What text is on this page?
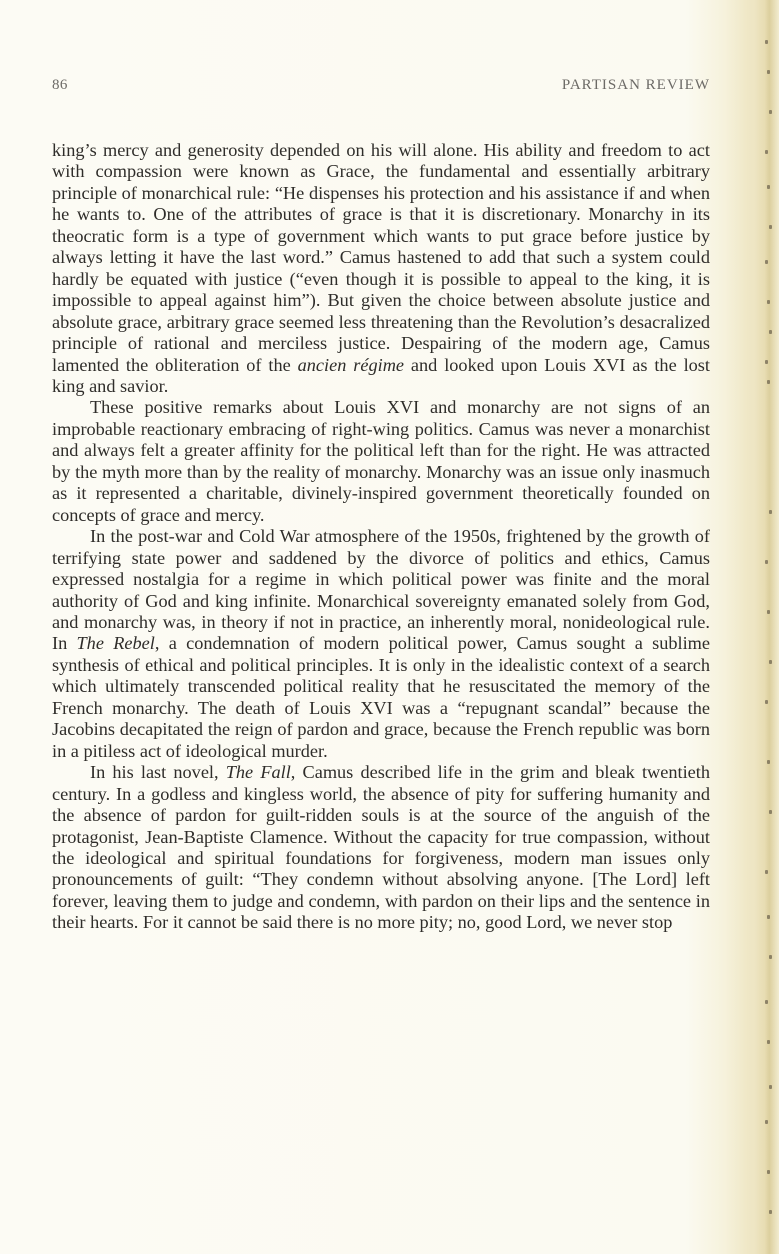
86	PARTISAN REVIEW

king’s mercy and generosity depended on his will alone. His ability and freedom to act with compassion were known as Grace, the fundamental and essentially arbitrary principle of monarchical rule: “He dispenses his protection and his assistance if and when he wants to. One of the attributes of grace is that it is discretionary. Monarchy in its theocratic form is a type of government which wants to put grace before justice by always letting it have the last word.” Camus hastened to add that such a system could hardly be equated with justice (“even though it is possible to appeal to the king, it is impossible to appeal against him”). But given the choice between absolute justice and absolute grace, arbitrary grace seemed less threatening than the Revolution’s desacralized principle of rational and merciless justice. Despairing of the modern age, Camus lamented the obliteration of the ancien régime and looked upon Louis XVI as the lost king and savior.

These positive remarks about Louis XVI and monarchy are not signs of an improbable reactionary embracing of right-wing politics. Camus was never a monarchist and always felt a greater affinity for the political left than for the right. He was attracted by the myth more than by the reality of monarchy. Monarchy was an issue only inasmuch as it represented a charitable, divinely-inspired government theoretically founded on concepts of grace and mercy.

In the post-war and Cold War atmosphere of the 1950s, frightened by the growth of terrifying state power and saddened by the divorce of politics and ethics, Camus expressed nostalgia for a regime in which political power was finite and the moral authority of God and king infinite. Monarchical sovereignty emanated solely from God, and monarchy was, in theory if not in practice, an inherently moral, nonideological rule. In The Rebel, a condemnation of modern political power, Camus sought a sublime synthesis of ethical and political principles. It is only in the idealistic context of a search which ultimately transcended political reality that he resuscitated the memory of the French monarchy. The death of Louis XVI was a “repugnant scandal” because the Jacobins decapitated the reign of pardon and grace, because the French republic was born in a pitiless act of ideological murder.

In his last novel, The Fall, Camus described life in the grim and bleak twentieth century. In a godless and kingless world, the absence of pity for suffering humanity and the absence of pardon for guilt-ridden souls is at the source of the anguish of the protagonist, Jean-Baptiste Clamence. Without the capacity for true compassion, without the ideological and spiritual foundations for forgiveness, modern man issues only pronouncements of guilt: “They condemn without absolving anyone. [The Lord] left forever, leaving them to judge and condemn, with pardon on their lips and the sentence in their hearts. For it cannot be said there is no more pity; no, good Lord, we never stop
